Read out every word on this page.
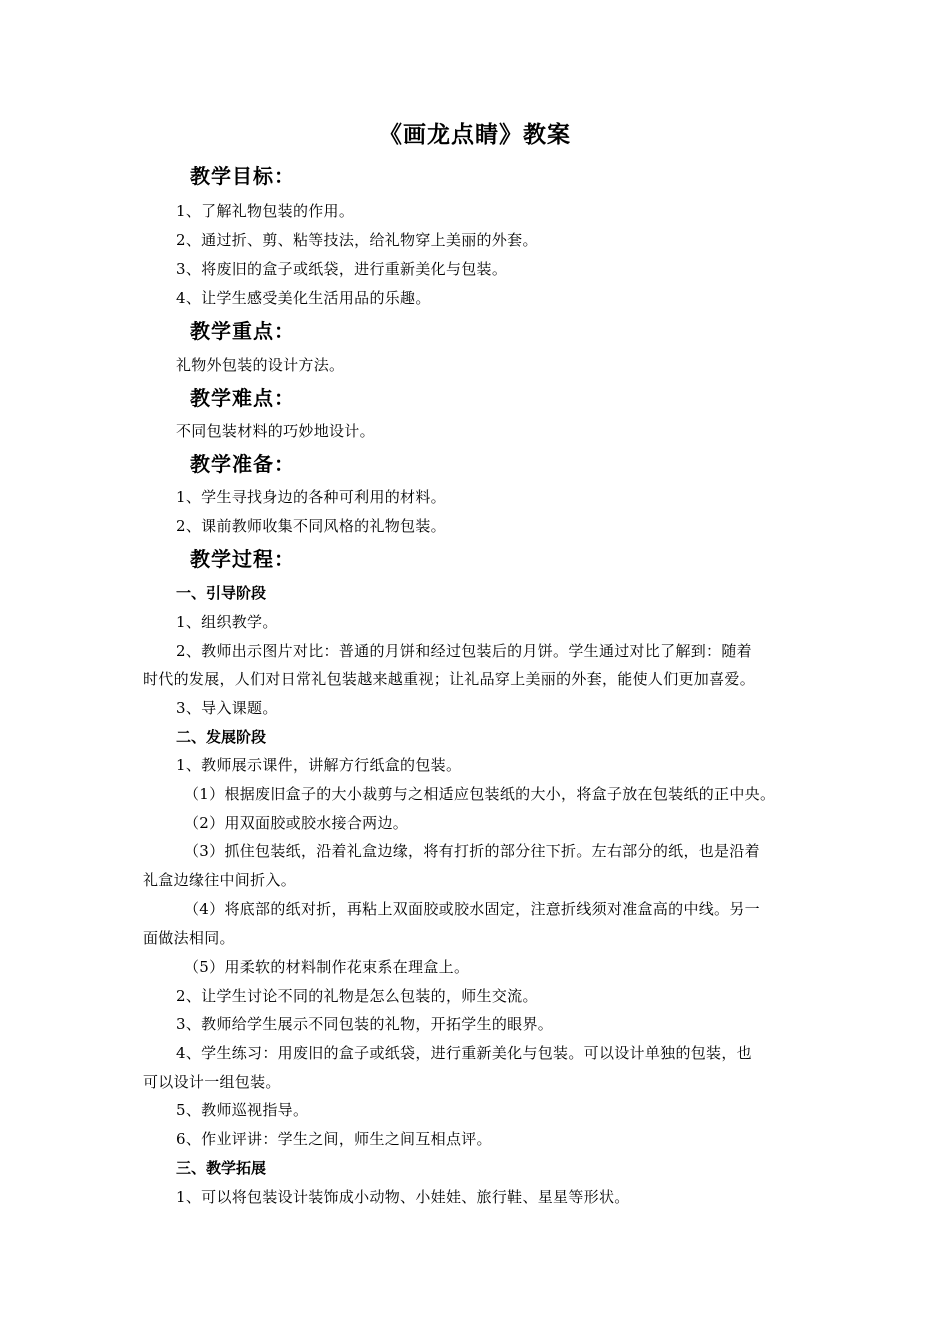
《画龙点睛》教案
教学目标：
1、了解礼物包装的作用。
2、通过折、剪、粘等技法，给礼物穿上美丽的外套。
3、将废旧的盒子或纸袋，进行重新美化与包装。
4、让学生感受美化生活用品的乐趣。
教学重点：
礼物外包装的设计方法。
教学难点：
不同包装材料的巧妙地设计。
教学准备：
1、学生寻找身边的各种可利用的材料。
2、课前教师收集不同风格的礼物包装。
教学过程：
一、引导阶段
1、组织教学。
2、教师出示图片对比：普通的月饼和经过包装后的月饼。学生通过对比了解到：随着
时代的发展，人们对日常礼包装越来越重视；让礼品穿上美丽的外套，能使人们更加喜爱。
3、导入课题。
二、发展阶段
1、教师展示课件，讲解方行纸盒的包装。
（1）根据废旧盒子的大小裁剪与之相适应包装纸的大小，将盒子放在包装纸的正中央。
（2）用双面胶或胶水接合两边。
（3）抓住包装纸，沿着礼盒边缘，将有打折的部分往下折。左右部分的纸，也是沿着
礼盒边缘往中间折入。
（4）将底部的纸对折，再粘上双面胶或胶水固定，注意折线须对准盒高的中线。另一
面做法相同。
（5）用柔软的材料制作花束系在理盒上。
2、让学生讨论不同的礼物是怎么包装的，师生交流。
3、教师给学生展示不同包装的礼物，开拓学生的眼界。
4、学生练习：用废旧的盒子或纸袋，进行重新美化与包装。可以设计单独的包装，也
可以设计一组包装。
5、教师巡视指导。
6、作业评讲：学生之间，师生之间互相点评。
三、教学拓展
1、可以将包装设计装饰成小动物、小娃娃、旅行鞋、星星等形状。
